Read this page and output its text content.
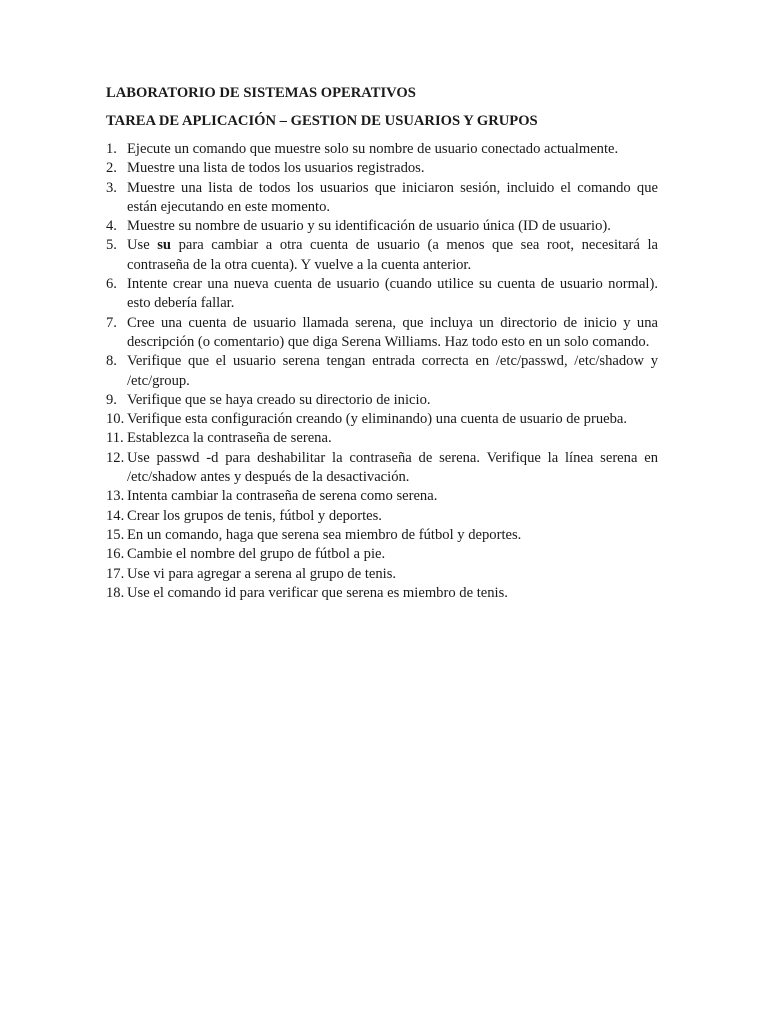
LABORATORIO DE SISTEMAS OPERATIVOS

TAREA DE APLICACIÓN – GESTION DE USUARIOS Y GRUPOS

1. Ejecute un comando que muestre solo su nombre de usuario conectado actualmente.
2. Muestre una lista de todos los usuarios registrados.
3. Muestre una lista de todos los usuarios que iniciaron sesión, incluido el comando que están ejecutando en este momento.
4. Muestre su nombre de usuario y su identificación de usuario única (ID de usuario).
5. Use su para cambiar a otra cuenta de usuario (a menos que sea root, necesitará la contraseña de la otra cuenta). Y vuelve a la cuenta anterior.
6. Intente crear una nueva cuenta de usuario (cuando utilice su cuenta de usuario normal). esto debería fallar.
7. Cree una cuenta de usuario llamada serena, que incluya un directorio de inicio y una descripción (o comentario) que diga Serena Williams. Haz todo esto en un solo comando.
8. Verifique que el usuario serena tengan entrada correcta en /etc/passwd, /etc/shadow y /etc/group.
9. Verifique que se haya creado su directorio de inicio.
10. Verifique esta configuración creando (y eliminando) una cuenta de usuario de prueba.
11. Establezca la contraseña de serena.
12. Use passwd -d para deshabilitar la contraseña de serena. Verifique la línea serena en /etc/shadow antes y después de la desactivación.
13. Intenta cambiar la contraseña de serena como serena.
14. Crear los grupos de tenis, fútbol y deportes.
15. En un comando, haga que serena sea miembro de fútbol y deportes.
16. Cambie el nombre del grupo de fútbol a pie.
17. Use vi para agregar a serena al grupo de tenis.
18. Use el comando id para verificar que serena es miembro de tenis.
